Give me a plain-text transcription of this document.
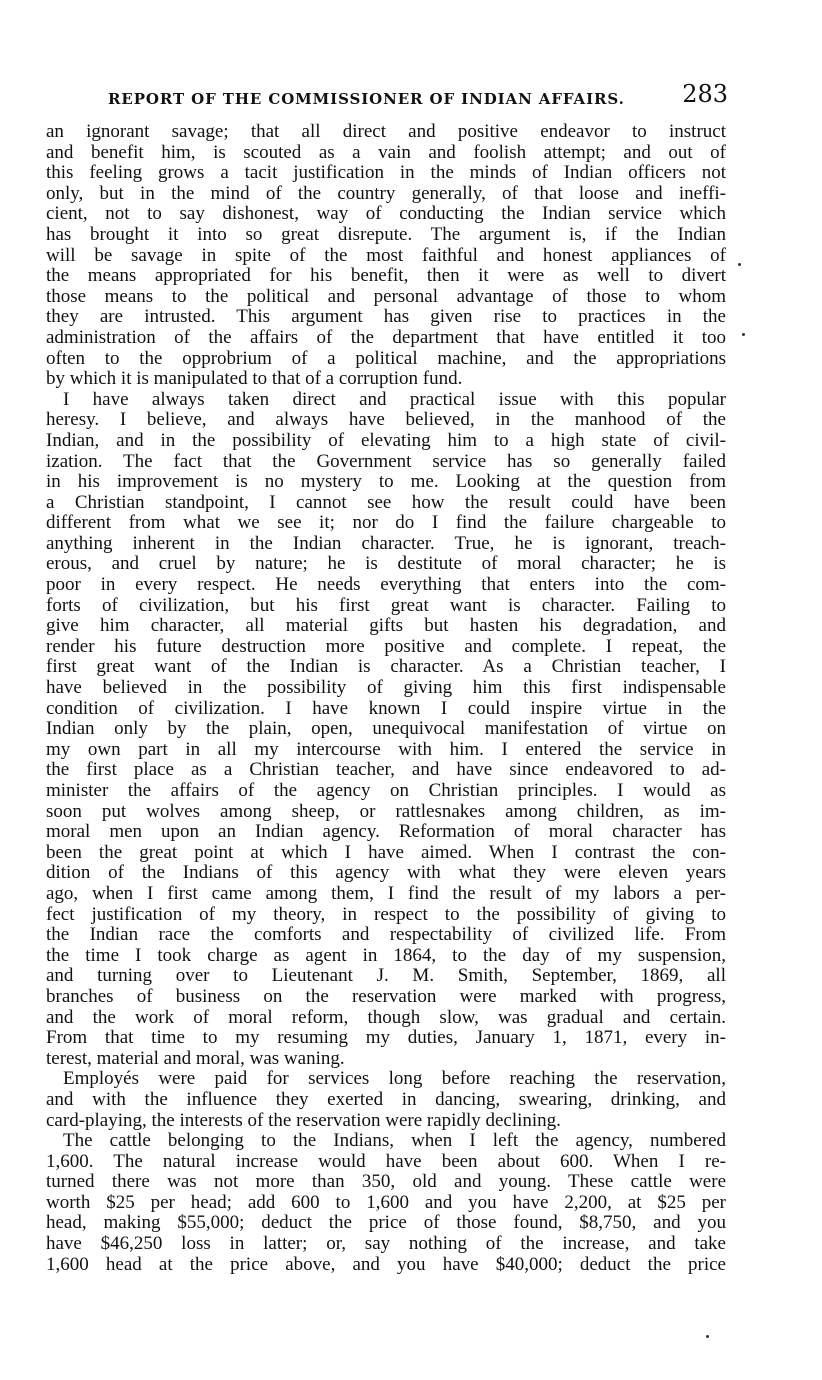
REPORT OF THE COMMISSIONER OF INDIAN AFFAIRS. 283
an ignorant savage; that all direct and positive endeavor to instruct
and benefit him, is scouted as a vain and foolish attempt; and out of
this feeling grows a tacit justification in the minds of Indian officers not
only, but in the mind of the country generally, of that loose and ineffi-
cient, not to say dishonest, way of conducting the Indian service which
has brought it into so great disrepute. The argument is, if the Indian
will be savage in spite of the most faithful and honest appliances of
the means appropriated for his benefit, then it were as well to divert
those means to the political and personal advantage of those to whom
they are intrusted. This argument has given rise to practices in the
administration of the affairs of the department that have entitled it too
often to the opprobrium of a political machine, and the appropriations
by which it is manipulated to that of a corruption fund.
I have always taken direct and practical issue with this popular
heresy. I believe, and always have believed, in the manhood of the
Indian, and in the possibility of elevating him to a high state of civil-
ization. The fact that the Government service has so generally failed
in his improvement is no mystery to me. Looking at the question from
a Christian standpoint, I cannot see how the result could have been
different from what we see it; nor do I find the failure chargeable to
anything inherent in the Indian character. True, he is ignorant, treach-
erous, and cruel by nature; he is destitute of moral character; he is
poor in every respect. He needs everything that enters into the com-
forts of civilization, but his first great want is character. Failing to
give him character, all material gifts but hasten his degradation, and
render his future destruction more positive and complete. I repeat, the
first great want of the Indian is character. As a Christian teacher, I
have believed in the possibility of giving him this first indispensable
condition of civilization. I have known I could inspire virtue in the
Indian only by the plain, open, unequivocal manifestation of virtue on
my own part in all my intercourse with him. I entered the service in
the first place as a Christian teacher, and have since endeavored to ad-
minister the affairs of the agency on Christian principles. I would as
soon put wolves among sheep, or rattlesnakes among children, as im-
moral men upon an Indian agency. Reformation of moral character has
been the great point at which I have aimed. When I contrast the con-
dition of the Indians of this agency with what they were eleven years
ago, when I first came among them, I find the result of my labors a per-
fect justification of my theory, in respect to the possibility of giving to
the Indian race the comforts and respectability of civilized life. From
the time I took charge as agent in 1864, to the day of my suspension,
and turning over to Lieutenant J. M. Smith, September, 1869, all
branches of business on the reservation were marked with progress,
and the work of moral reform, though slow, was gradual and certain.
From that time to my resuming my duties, January 1, 1871, every in-
terest, material and moral, was waning.
Employés were paid for services long before reaching the reservation,
and with the influence they exerted in dancing, swearing, drinking, and
card-playing, the interests of the reservation were rapidly declining.
The cattle belonging to the Indians, when I left the agency, numbered
1,600. The natural increase would have been about 600. When I re-
turned there was not more than 350, old and young. These cattle were
worth $25 per head; add 600 to 1,600 and you have 2,200, at $25 per
head, making $55,000; deduct the price of those found, $8,750, and you
have $46,250 loss in latter; or, say nothing of the increase, and take
1,600 head at the price above, and you have $40,000; deduct the price
